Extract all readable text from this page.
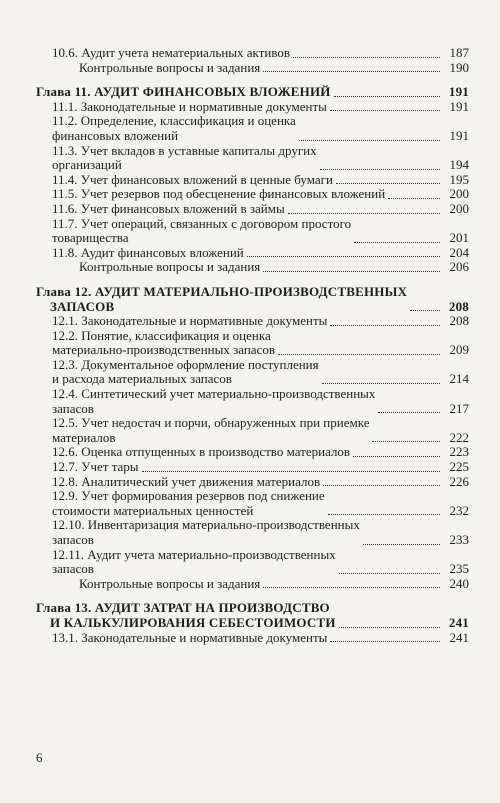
10.6. Аудит учета нематериальных активов	187
Контрольные вопросы и задания	190
Глава 11. АУДИТ ФИНАНСОВЫХ ВЛОЖЕНИЙ	191
11.1. Законодательные и нормативные документы	191
11.2. Определение, классификация и оценка
финансовых вложений	191
11.3. Учет вкладов в уставные капиталы других
организаций	194
11.4. Учет финансовых вложений в ценные бумаги	195
11.5. Учет резервов под обесценение финансовых вложений	200
11.6. Учет финансовых вложений в займы	200
11.7. Учет операций, связанных с договором простого
товарищества	201
11.8. Аудит финансовых вложений	204
Контрольные вопросы и задания	206
Глава 12. АУДИТ МАТЕРИАЛЬНО-ПРОИЗВОДСТВЕННЫХ
ЗАПАСОВ	208
12.1. Законодательные и нормативные документы	208
12.2. Понятие, классификация и оценка
материально-производственных запасов	209
12.3. Документальное оформление поступления
и расхода материальных запасов	214
12.4. Синтетический учет материально-производственных
запасов	217
12.5. Учет недостач и порчи, обнаруженных при приемке
материалов	222
12.6. Оценка отпущенных в производство материалов	223
12.7. Учет тары	225
12.8. Аналитический учет движения материалов	226
12.9. Учет формирования резервов под снижение
стоимости материальных ценностей	232
12.10. Инвентаризация материально-производственных
запасов	233
12.11. Аудит учета материально-производственных
запасов	235
Контрольные вопросы и задания	240
Глава 13. АУДИТ ЗАТРАТ НА ПРОИЗВОДСТВО
И КАЛЬКУЛИРОВАНИЯ СЕБЕСТОИМОСТИ	241
13.1. Законодательные и нормативные документы	241
6
